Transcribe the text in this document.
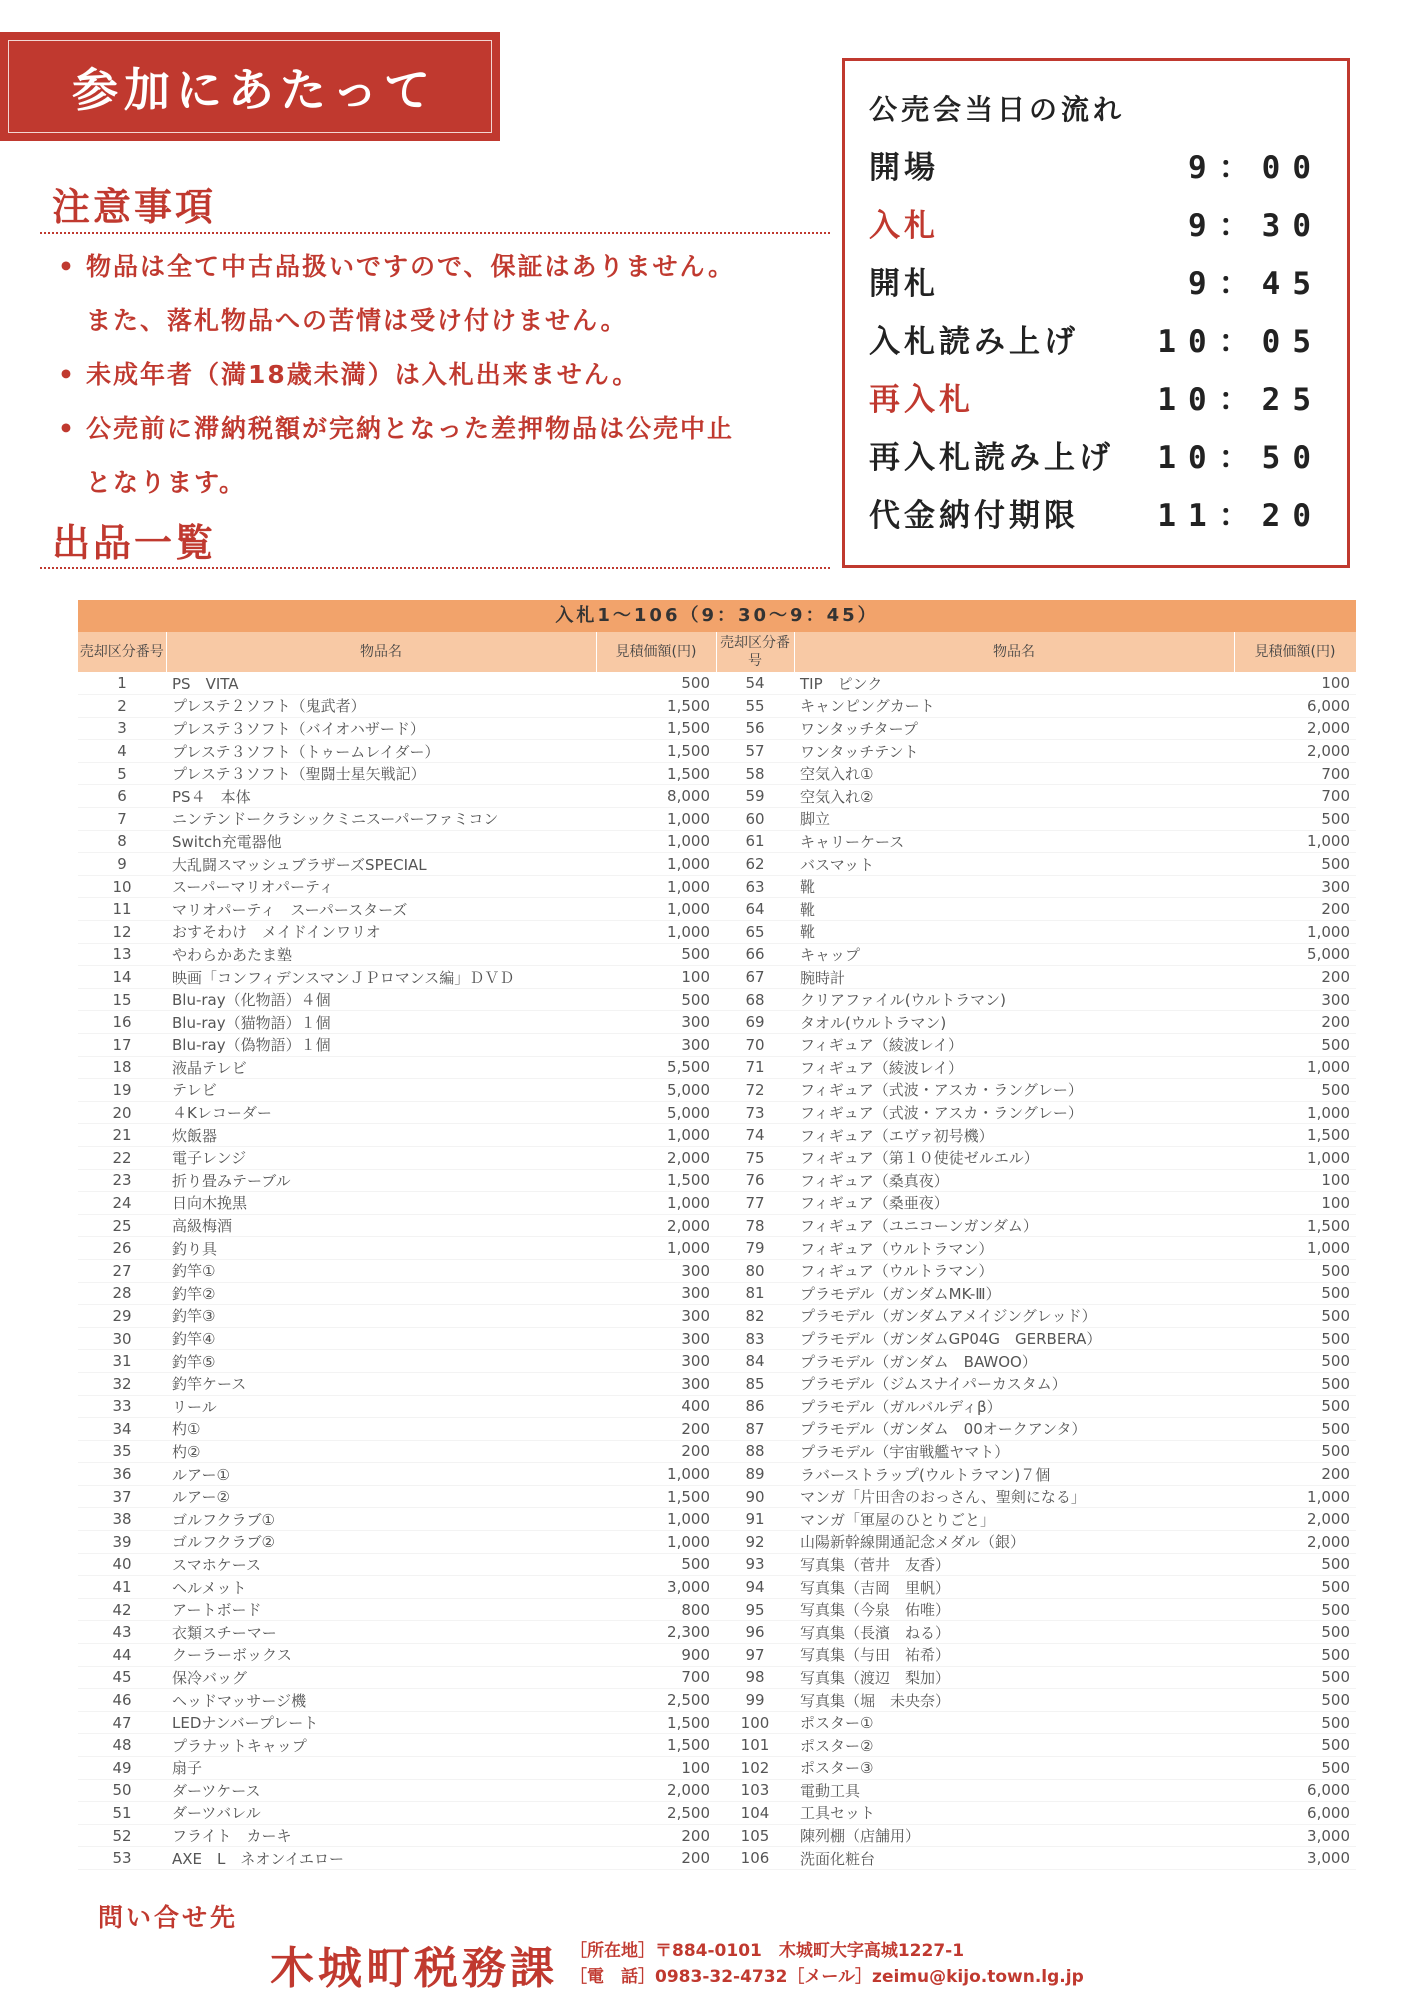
参加にあたって
注意事項
• 物品は全て中古品扱いですので、保証はありません。
また、落札物品への苦情は受け付けません。
• 未成年者（満18歳未満）は入札出来ません。
• 公売前に滞納税額が完納となった差押物品は公売中止
となります。
出品一覧
公売会当日の流れ
開場	9：00
入札	9：30
開札	9：45
入札読み上げ	10：05
再入札	10：25
再入札読み上げ 10：50
代金納付期限	11：20
入札1～106（9：30～9：45）
売却区分番号	物品名	見積価額(円)	売却区分番号	物品名	見積価額(円)
1	PS　VITA	500	54	TIP　ピンク	100
2	プレステ２ソフト（鬼武者）	1,500	55	キャンピングカート	6,000
3	プレステ３ソフト（バイオハザード）	1,500	56	ワンタッチタープ	2,000
4	プレステ３ソフト（トゥームレイダー）	1,500	57	ワンタッチテント	2,000
5	プレステ３ソフト（聖闘士星矢戦記）	1,500	58	空気入れ①	700
6	PS４　本体	8,000	59	空気入れ②	700
7	ニンテンドークラシックミニスーパーファミコン	1,000	60	脚立	500
8	Switch充電器他	1,000	61	キャリーケース	1,000
9	大乱闘スマッシュブラザーズSPECIAL	1,000	62	バスマット	500
10	スーパーマリオパーティ	1,000	63	靴	300
11	マリオパーティ　スーパースターズ	1,000	64	靴	200
12	おすそわけ　メイドインワリオ	1,000	65	靴	1,000
13	やわらかあたま塾	500	66	キャップ	5,000
14	映画「コンフィデンスマンＪＰロマンス編」ＤＶＤ	100	67	腕時計	200
15	Blu-ray（化物語）４個	500	68	クリアファイル(ウルトラマン)	300
16	Blu-ray（猫物語）１個	300	69	タオル(ウルトラマン)	200
17	Blu-ray（偽物語）１個	300	70	フィギュア（綾波レイ）	500
18	液晶テレビ	5,500	71	フィギュア（綾波レイ）	1,000
19	テレビ	5,000	72	フィギュア（式波・アスカ・ラングレー）	500
20	４Kレコーダー	5,000	73	フィギュア（式波・アスカ・ラングレー）	1,000
21	炊飯器	1,000	74	フィギュア（エヴァ初号機）	1,500
22	電子レンジ	2,000	75	フィギュア（第１０使徒ゼルエル）	1,000
23	折り畳みテーブル	1,500	76	フィギュア（桑真夜）	100
24	日向木挽黒	1,000	77	フィギュア（桑亜夜）	100
25	高級梅酒	2,000	78	フィギュア（ユニコーンガンダム）	1,500
26	釣り具	1,000	79	フィギュア（ウルトラマン）	1,000
27	釣竿①	300	80	フィギュア（ウルトラマン）	500
28	釣竿②	300	81	プラモデル（ガンダムMK-Ⅲ）	500
29	釣竿③	300	82	プラモデル（ガンダムアメイジングレッド）	500
30	釣竿④	300	83	プラモデル（ガンダムGP04G　GERBERA）	500
31	釣竿⑤	300	84	プラモデル（ガンダム　BAWOO）	500
32	釣竿ケース	300	85	プラモデル（ジムスナイパーカスタム）	500
33	リール	400	86	プラモデル（ガルバルディβ）	500
34	杓①	200	87	プラモデル（ガンダム　00オークアンタ）	500
35	杓②	200	88	プラモデル（宇宙戦艦ヤマト）	500
36	ルアー①	1,000	89	ラバーストラップ(ウルトラマン)７個	200
37	ルアー②	1,500	90	マンガ「片田舎のおっさん、聖剣になる」	1,000
38	ゴルフクラブ①	1,000	91	マンガ「軍屋のひとりごと」	2,000
39	ゴルフクラブ②	1,000	92	山陽新幹線開通記念メダル（銀）	2,000
40	スマホケース	500	93	写真集（菅井　友香）	500
41	ヘルメット	3,000	94	写真集（吉岡　里帆）	500
42	アートボード	800	95	写真集（今泉　佑唯）	500
43	衣類スチーマー	2,300	96	写真集（長濱　ねる）	500
44	クーラーボックス	900	97	写真集（与田　祐希）	500
45	保冷バッグ	700	98	写真集（渡辺　梨加）	500
46	ヘッドマッサージ機	2,500	99	写真集（堀　未央奈）	500
47	LEDナンバープレート	1,500	100	ポスター①	500
48	プラナットキャップ	1,500	101	ポスター②	500
49	扇子	100	102	ポスター③	500
50	ダーツケース	2,000	103	電動工具	6,000
51	ダーツバレル	2,500	104	工具セット	6,000
52	フライト　カーキ	200	105	陳列棚（店舗用）	3,000
53	AXE　L　ネオンイエロー	200	106	洗面化粧台	3,000
問い合せ先
木城町税務課 ［所在地］〒884-0101　木城町大字高城1227-1
［電　話］0983-32-4732［メール］zeimu@kijo.town.lg.jp
